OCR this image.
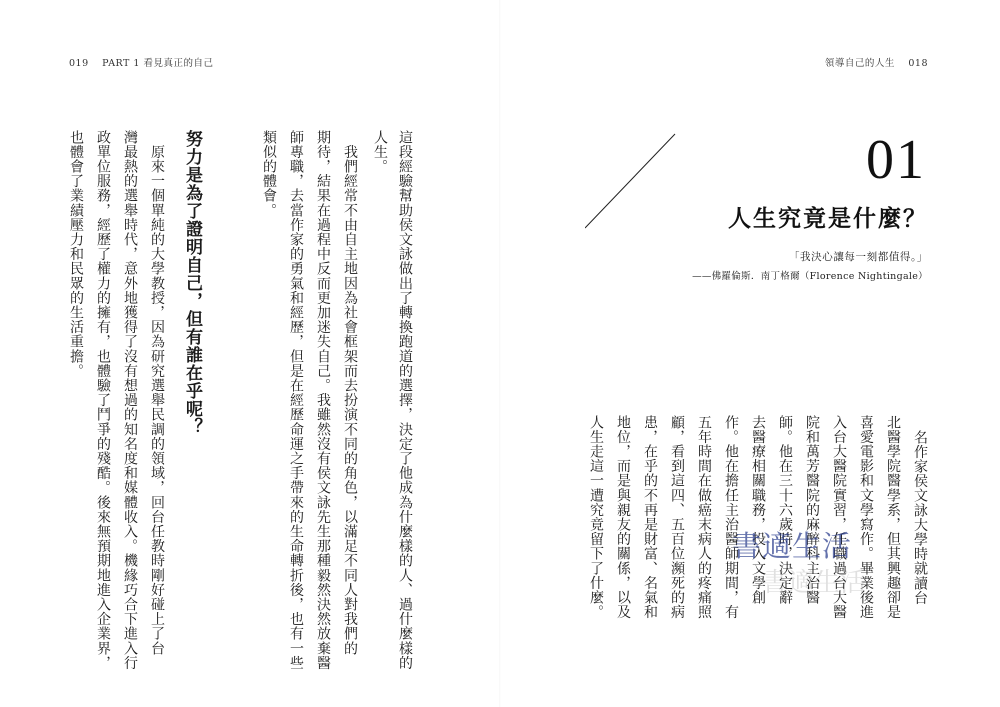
019 PART 1 看見真正的自己
這段經驗幫助侯文詠做出了轉換跑道的選擇，決定了他成為什麼樣的人、過什麼樣的
人生。
　我們經常不由自主地因為社會框架而去扮演不同的角色，以滿足不同人對我們的
期待，結果在過程中反而更加迷失自己。我雖然沒有侯文詠先生那種毅然決然放棄醫
師專職，去當作家的勇氣和經歷，但是在經歷命運之手帶來的生命轉折後，也有一些
類似的體會。
努力是為了證明自己，但有誰在乎呢？
　原來一個單純的大學教授，因為研究選舉民調的領域，回台任教時剛好碰上了台
灣最熱的選舉時代，意外地獲得了沒有想過的知名度和媒體收入。機緣巧合下進入行
政單位服務，經歷了權力的擁有，也體驗了鬥爭的殘酷。後來無預期地進入企業界，
也體會了業績壓力和民眾的生活重擔。
領導自己的人生 018
01
人生究竟是什麼？
「我決心讓每一刻都值得。」
——佛羅倫斯．南丁格爾（Florence Nightingale）
名作家侯文詠大學時就讀台
北醫學院醫學系，但其興趣卻是
喜愛電影和文學寫作。畢業後進
入台大醫院實習，任職過台大醫
院和萬芳醫院的麻醉科主治醫
師。他在三十六歲時，決定辭
去醫療相關職務，投入文學創
作。他在擔任主治醫師期間，有
五年時間在做癌末病人的疼痛照
顧，看到這四、五百位瀕死的病
患，在乎的不再是財富、名氣和
地位，而是與親友的關係，以及
人生走這一遭究竟留下了什麼。	書適生活
書適生活
